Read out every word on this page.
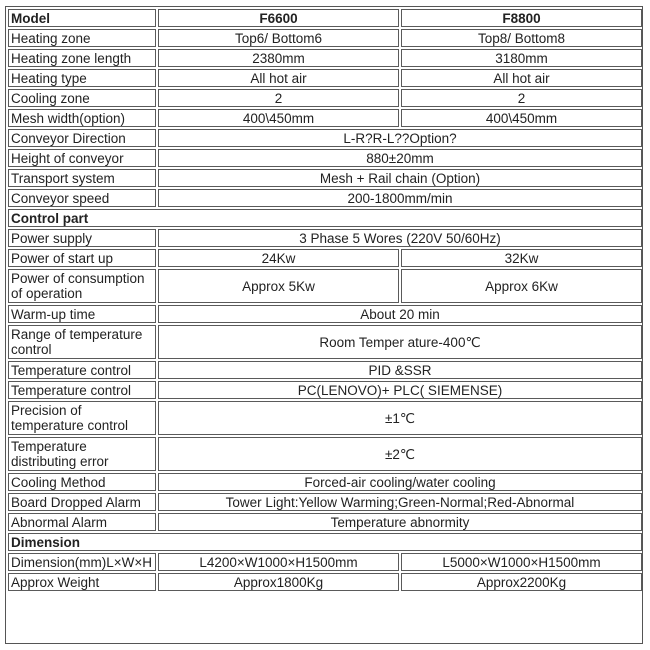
Model	F6600	F8800
Heating zone	Top6/ Bottom6	Top8/ Bottom8
Heating zone length	2380mm	3180mm
Heating type	All hot air	All hot air
Cooling zone	2	2
Mesh width(option)	400\450mm	400\450mm
Conveyor Direction	L-R?R-L??Option?	
Height of conveyor	880±20mm	
Transport system	Mesh + Rail chain (Option)	
Conveyor speed	200-1800mm/min	
Control part		
Power supply	3 Phase 5 Wores (220V 50/60Hz)	
Power of start up	24Kw	32Kw
Power of consumption of operation	Approx 5Kw	Approx 6Kw
Warm-up time	About 20 min	
Range of temperature control	Room Temper ature-400℃	
Temperature control	PID &SSR	
Temperature control	PC(LENOVO)+ PLC( SIEMENSE)	
Precision of temperature control	±1℃	
Temperature distributing error	±2℃	
Cooling Method	Forced-air cooling/water cooling	
Board Dropped Alarm	Tower Light:Yellow Warming;Green-Normal;Red-Abnormal	
Abnormal Alarm	Temperature abnormity	
Dimension		
Dimension(mm)L×W×H	L4200×W1000×H1500mm	L5000×W1000×H1500mm
Approx Weight	Approx1800Kg	Approx2200Kg
